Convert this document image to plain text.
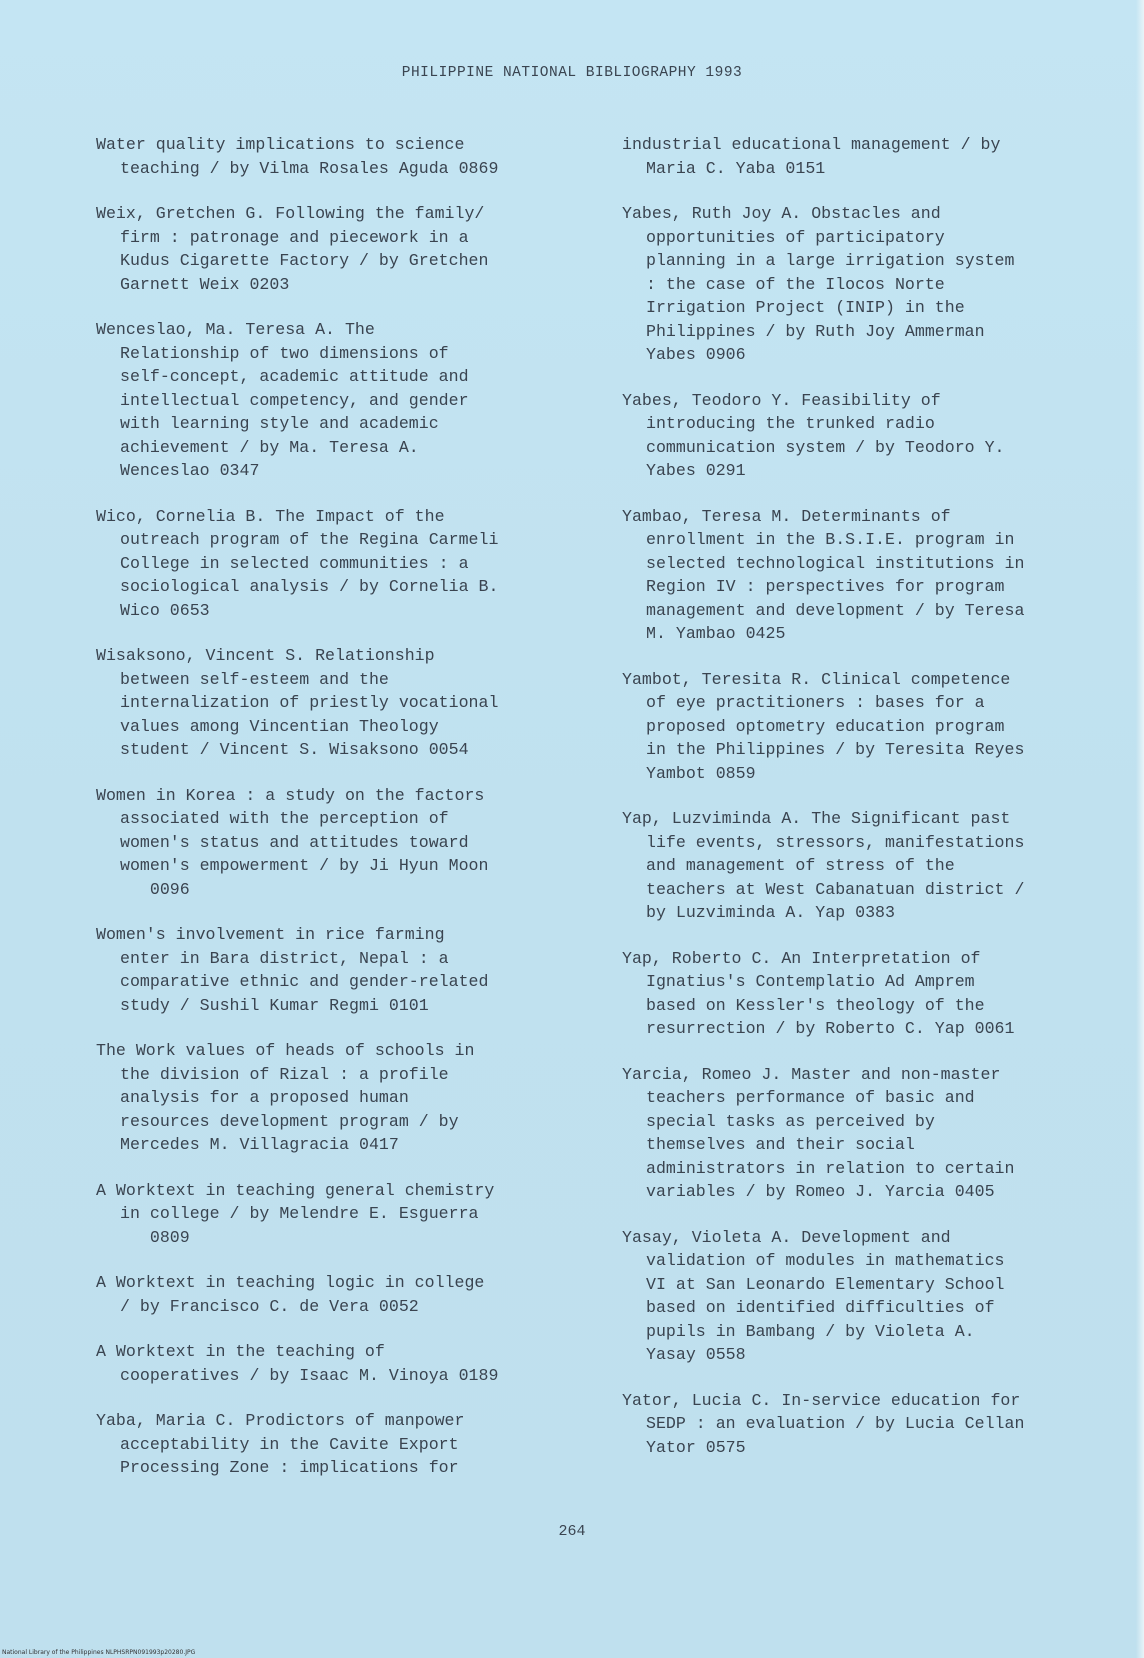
PHILIPPINE NATIONAL BIBLIOGRAPHY 1993
Water quality implications to science
teaching / by Vilma Rosales Aguda 0869
Weix, Gretchen G. Following the family/
firm : patronage and piecework in a
Kudus Cigarette Factory / by Gretchen
Garnett Weix 0203
Wenceslao, Ma. Teresa A. The
Relationship of two dimensions of
self-concept, academic attitude and
intellectual competency, and gender
with learning style and academic
achievement / by Ma. Teresa A.
Wenceslao 0347
Wico, Cornelia B. The Impact of the
outreach program of the Regina Carmeli
College in selected communities : a
sociological analysis / by Cornelia B.
Wico 0653
Wisaksono, Vincent S. Relationship
between self-esteem and the
internalization of priestly vocational
values among Vincentian Theology
student / Vincent S. Wisaksono 0054
Women in Korea : a study on the factors
associated with the perception of
women's status and attitudes toward
women's empowerment / by Ji Hyun Moon
0096
Women's involvement in rice farming
enter in Bara district, Nepal : a
comparative ethnic and gender-related
study / Sushil Kumar Regmi 0101
The Work values of heads of schools in
the division of Rizal : a profile
analysis for a proposed human
resources development program / by
Mercedes M. Villagracia 0417
A Worktext in teaching general chemistry
in college / by Melendre E. Esguerra
0809
A Worktext in teaching logic in college
/ by Francisco C. de Vera 0052
A Worktext in the teaching of
cooperatives / by Isaac M. Vinoya 0189
Yaba, Maria C. Prodictors of manpower
acceptability in the Cavite Export
Processing Zone : implications for
industrial educational management / by
Maria C. Yaba 0151
Yabes, Ruth Joy A. Obstacles and
opportunities of participatory
planning in a large irrigation system
: the case of the Ilocos Norte
Irrigation Project (INIP) in the
Philippines / by Ruth Joy Ammerman
Yabes 0906
Yabes, Teodoro Y. Feasibility of
introducing the trunked radio
communication system / by Teodoro Y.
Yabes 0291
Yambao, Teresa M. Determinants of
enrollment in the B.S.I.E. program in
selected technological institutions in
Region IV : perspectives for program
management and development / by Teresa
M. Yambao 0425
Yambot, Teresita R. Clinical competence
of eye practitioners : bases for a
proposed optometry education program
in the Philippines / by Teresita Reyes
Yambot 0859
Yap, Luzviminda A. The Significant past
life events, stressors, manifestations
and management of stress of the
teachers at West Cabanatuan district /
by Luzviminda A. Yap 0383
Yap, Roberto C. An Interpretation of
Ignatius's Contemplatio Ad Amprem
based on Kessler's theology of the
resurrection / by Roberto C. Yap 0061
Yarcia, Romeo J. Master and non-master
teachers performance of basic and
special tasks as perceived by
themselves and their social
administrators in relation to certain
variables / by Romeo J. Yarcia 0405
Yasay, Violeta A. Development and
validation of modules in mathematics
VI at San Leonardo Elementary School
based on identified difficulties of
pupils in Bambang / by Violeta A.
Yasay 0558
Yator, Lucia C. In-service education for
SEDP : an evaluation / by Lucia Cellan
Yator 0575
264
National Library of the Philippines NLPHSRPN091993p20280.JPG
